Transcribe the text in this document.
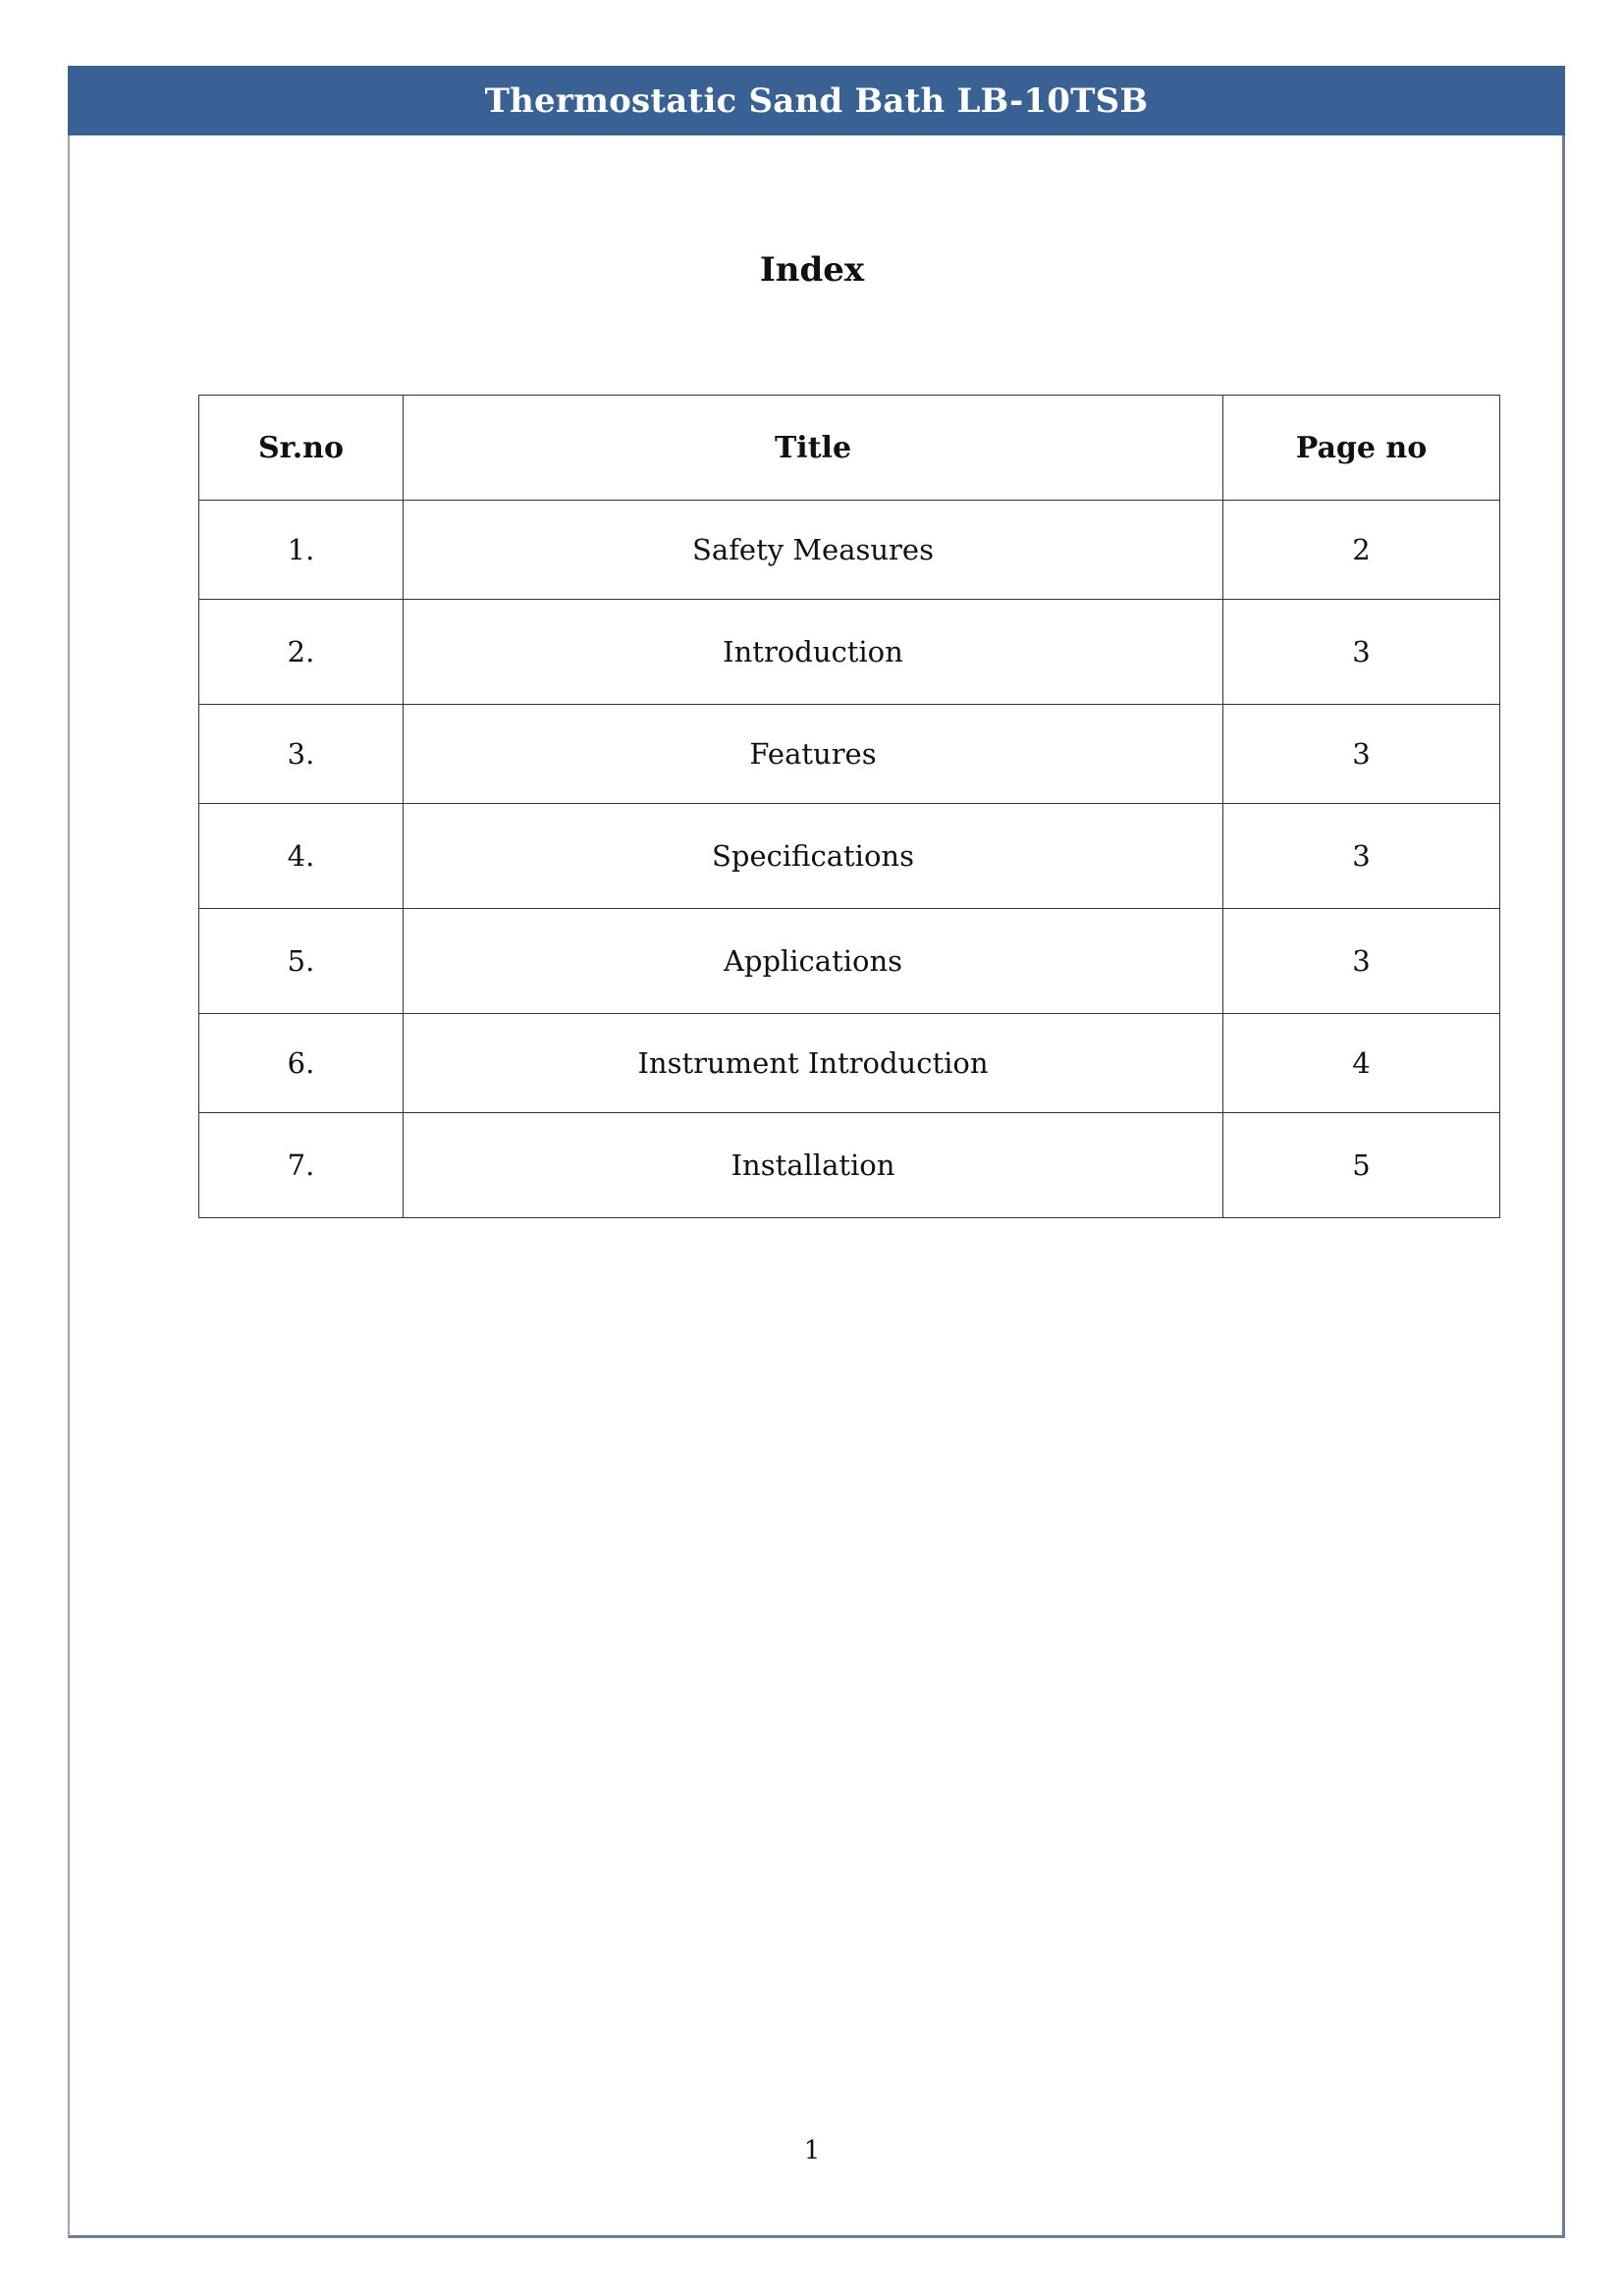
Thermostatic Sand Bath LB-10TSB
Index
Sr.no	Title	Page no
1.	Safety Measures	2
2.	Introduction	3
3.	Features	3
4.	Specifications	3
5.	Applications	3
6.	Instrument Introduction	4
7.	Installation	5
1
